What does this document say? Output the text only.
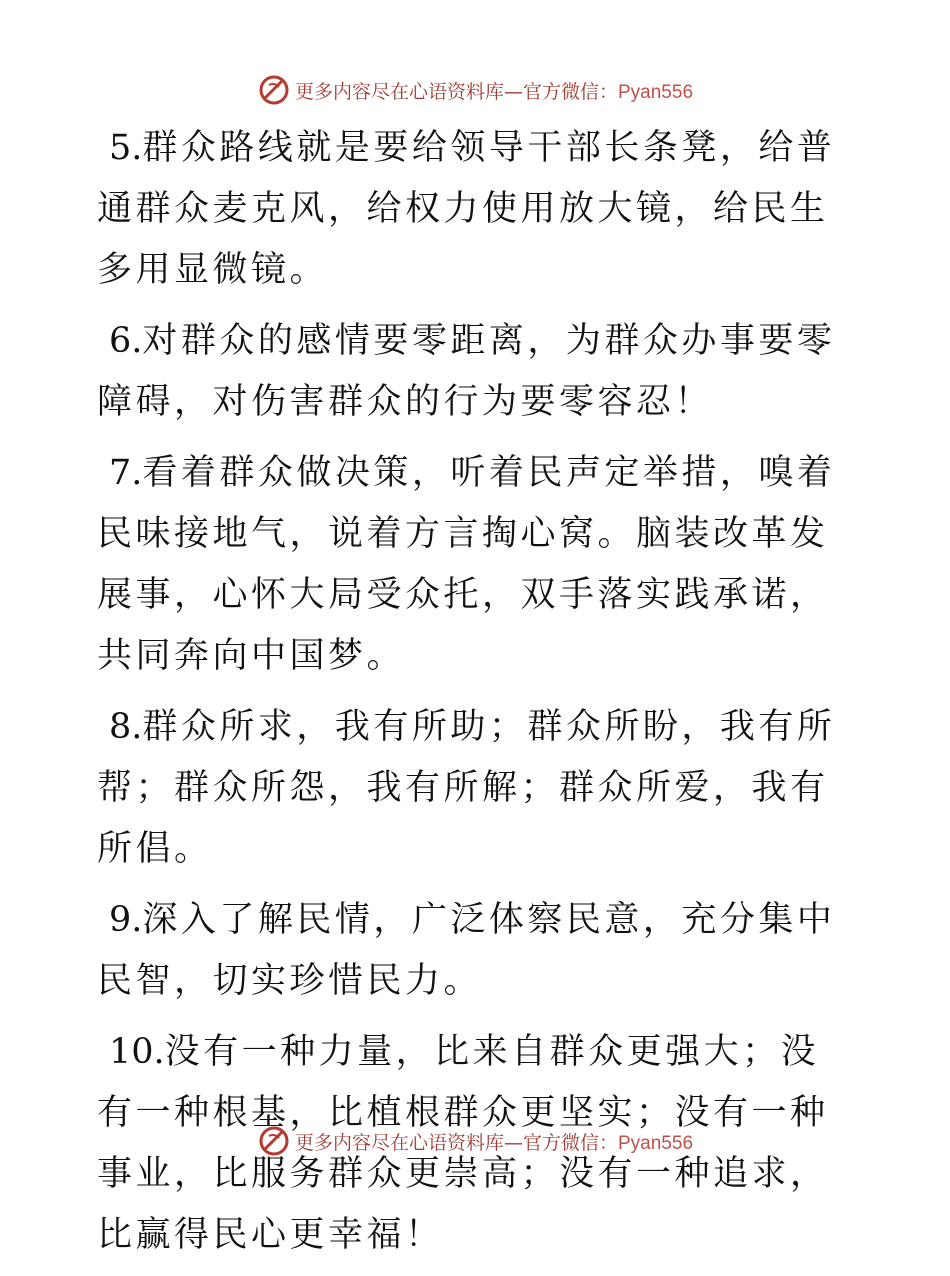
更多内容尽在心语资料库—官方微信：Pyan556

5.群众路线就是要给领导干部长条凳，给普通群众麦克风，给权力使用放大镜，给民生多用显微镜。

6.对群众的感情要零距离，为群众办事要零障碍，对伤害群众的行为要零容忍！

7.看着群众做决策，听着民声定举措，嗅着民味接地气，说着方言掏心窝。脑装改革发展事，心怀大局受众托，双手落实践承诺，共同奔向中国梦。

8.群众所求，我有所助；群众所盼，我有所帮；群众所怨，我有所解；群众所爱，我有所倡。

9.深入了解民情，广泛体察民意，充分集中民智，切实珍惜民力。

10.没有一种力量，比来自群众更强大；没有一种根基，比植根群众更坚实；没有一种事业，比服务群众更崇高；没有一种追求，比赢得民心更幸福！

更多内容尽在心语资料库—官方微信：Pyan556
